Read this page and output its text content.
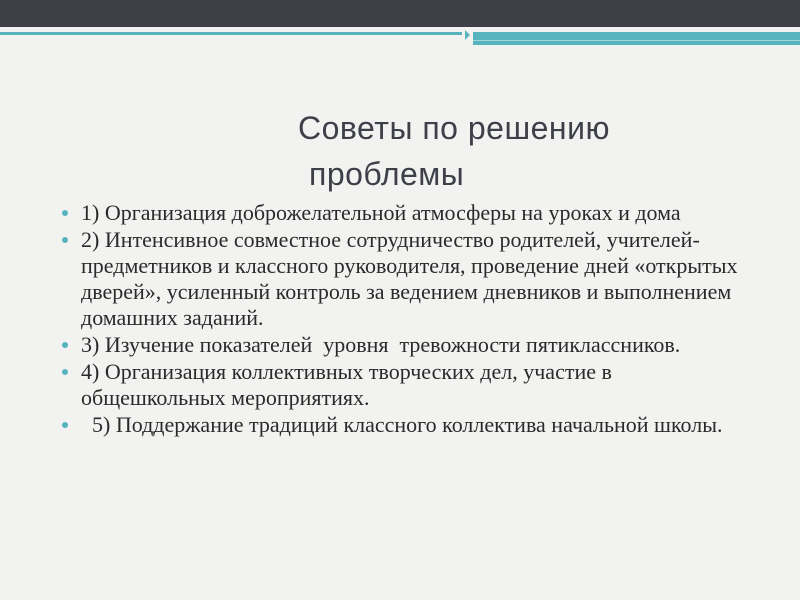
Советы по решению
проблемы
1) Организация доброжелательной атмосферы на уроках и дома
2) Интенсивное совместное сотрудничество родителей, учителей- предметников и классного руководителя, проведение дней «открытых дверей», усиленный контроль за ведением дневников и выполнением домашних заданий.
3) Изучение показателей  уровня  тревожности пятиклассников.
4) Организация коллективных творческих дел, участие в общешкольных мероприятиях.
5) Поддержание традиций классного коллектива начальной школы.
